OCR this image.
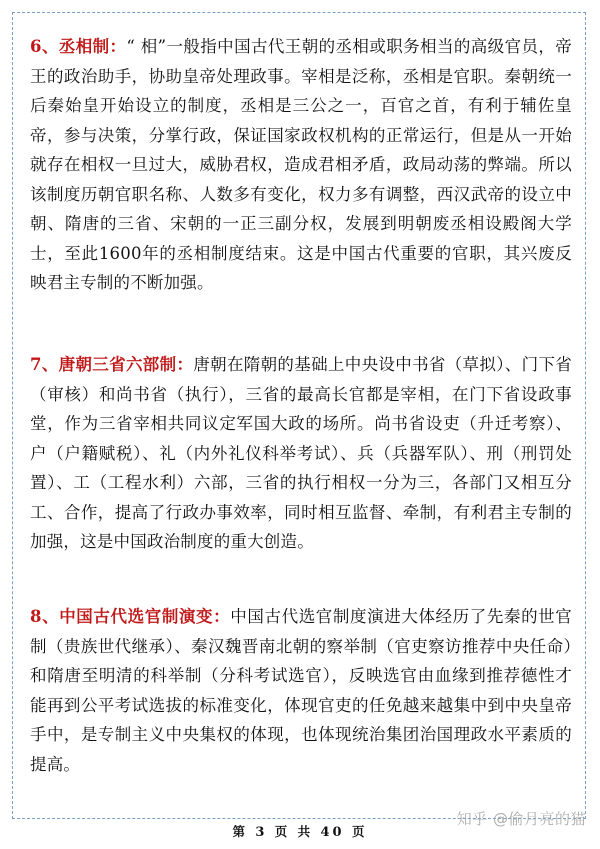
6、丞相制：“ 相”一般指中国古代王朝的丞相或职务相当的高级官员，帝王的政治助手，协助皇帝处理政事。宰相是泛称，丞相是官职。秦朝统一后秦始皇开始设立的制度，丞相是三公之一，百官之首，有利于辅佐皇帝，参与决策，分掌行政，保证国家政权机构的正常运行，但是从一开始就存在相权一旦过大，威胁君权，造成君相矛盾，政局动荡的弊端。所以该制度历朝官职名称、人数多有变化，权力多有调整，西汉武帝的设立中朝、隋唐的三省、宋朝的一正三副分权，发展到明朝废丞相设殿阁大学士，至此1600年的丞相制度结束。这是中国古代重要的官职，其兴废反映君主专制的不断加强。

7、唐朝三省六部制：唐朝在隋朝的基础上中央设中书省（草拟）、门下省（审核）和尚书省（执行），三省的最高长官都是宰相，在门下省设政事堂，作为三省宰相共同议定军国大政的场所。尚书省设吏（升迁考察）、户（户籍赋税）、礼（内外礼仪科举考试）、兵（兵器军队）、刑（刑罚处置）、工（工程水利）六部，三省的执行相权一分为三，各部门又相互分工、合作，提高了行政办事效率，同时相互监督、牵制，有利君主专制的加强，这是中国政治制度的重大创造。

8、中国古代选官制演变：中国古代选官制度演进大体经历了先秦的世官制（贵族世代继承）、秦汉魏晋南北朝的察举制（官吏察访推荐中央任命）和隋唐至明清的科举制（分科考试选官），反映选官由血缘到推荐德性才能再到公平考试选拔的标准变化，体现官吏的任免越来越集中到中央皇帝手中，是专制主义中央集权的体现，也体现统治集团治国理政水平素质的提高。

知乎 @偷月亮的猫
第 3 页 共 40 页
